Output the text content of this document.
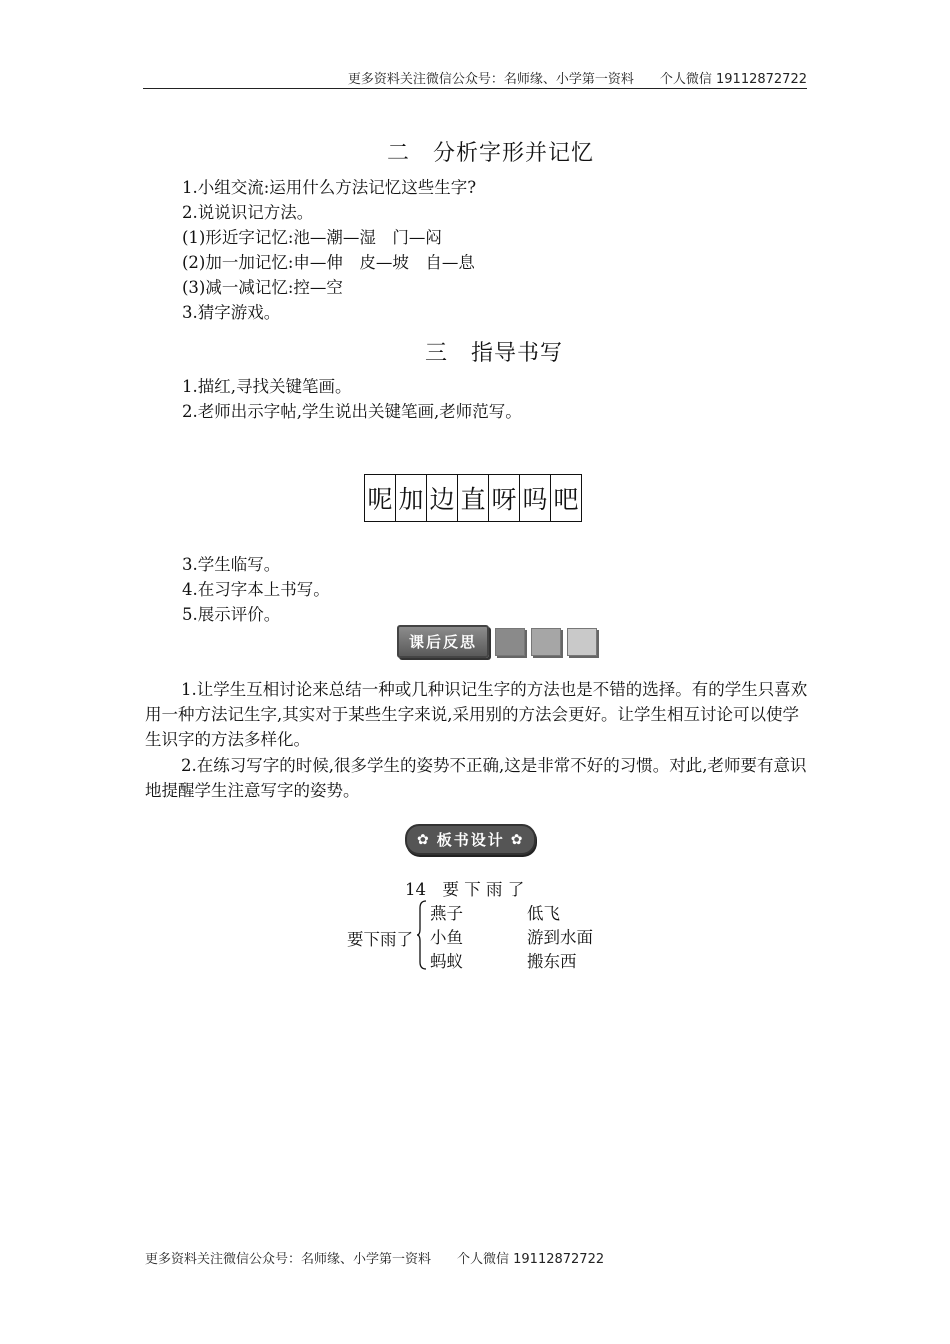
更多资料关注微信公众号：名师缘、小学第一资料　　个人微信 19112872722
二　分析字形并记忆
1.小组交流:运用什么方法记忆这些生字?
2.说说识记方法。
(1)形近字记忆:池—潮—湿　门—闷
(2)加一加记忆:申—伸　皮—坡　自—息
(3)减一减记忆:控—空
3.猜字游戏。
三　指导书写
1.描红,寻找关键笔画。
2.老师出示字帖,学生说出关键笔画,老师范写。
呢 加 边 直 呀 吗 吧
3.学生临写。
4.在习字本上书写。
5.展示评价。
课后反思
1.让学生互相讨论来总结一种或几种识记生字的方法也是不错的选择。有的学生只喜欢用一种方法记生字,其实对于某些生字来说,采用别的方法会更好。让学生相互讨论可以使学生识字的方法多样化。
2.在练习写字的时候,很多学生的姿势不正确,这是非常不好的习惯。对此,老师要有意识地提醒学生注意写字的姿势。
✿ 板书设计 ✿
14　要 下 雨 了
要下雨了
燕子	低飞
小鱼	游到水面
蚂蚁	搬东西
更多资料关注微信公众号：名师缘、小学第一资料　　个人微信 19112872722
